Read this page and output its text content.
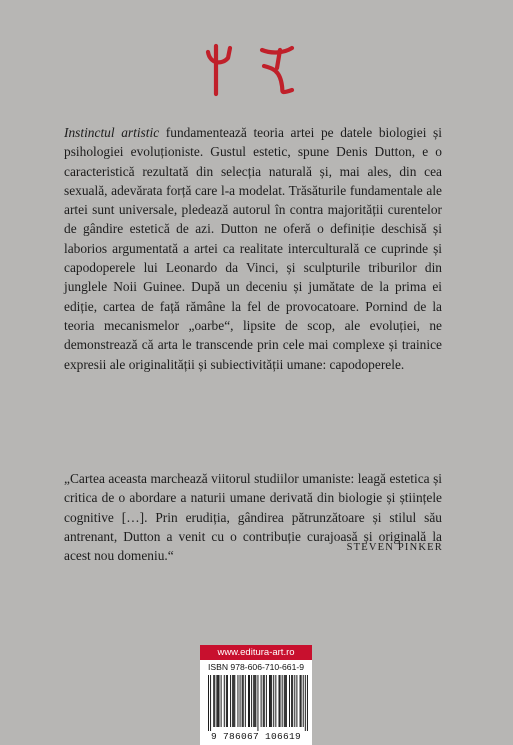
Instinctul artistic fundamentează teoria artei pe datele biologiei și psihologiei evoluționiste. Gustul estetic, spune Denis Dutton, e o caracteristică rezultată din selecția naturală și, mai ales, din cea sexuală, adevărata forță care l-a modelat. Trăsăturile fundamentale ale artei sunt universale, pledează autorul în contra majorității curentelor de gândire estetică de azi. Dutton ne oferă o definiție deschisă și laborios argumentată a artei ca realitate interculturală ce cuprinde și capodoperele lui Leonardo da Vinci, și sculpturile triburilor din junglele Noii Guinee. După un deceniu și jumătate de la prima ei ediție, cartea de față rămâne la fel de provocatoare. Pornind de la teoria mecanismelor „oarbe“, lipsite de scop, ale evoluției, ne demonstrează că arta le transcende prin cele mai complexe și trainice expresii ale originalității și subiectivității umane: capodoperele.

„Cartea aceasta marchează viitorul studiilor umaniste: leagă estetica și critica de o abordare a naturii umane derivată din biologie și științele cognitive […]. Prin erudiția, gândirea pătrunzătoare și stilul său antrenant, Dutton a venit cu o contribuție curajoasă și originală la acest nou domeniu.“

STEVEN PINKER
www.editura-art.ro
ISBN 978-606-710-661-9
9 786067 106619
